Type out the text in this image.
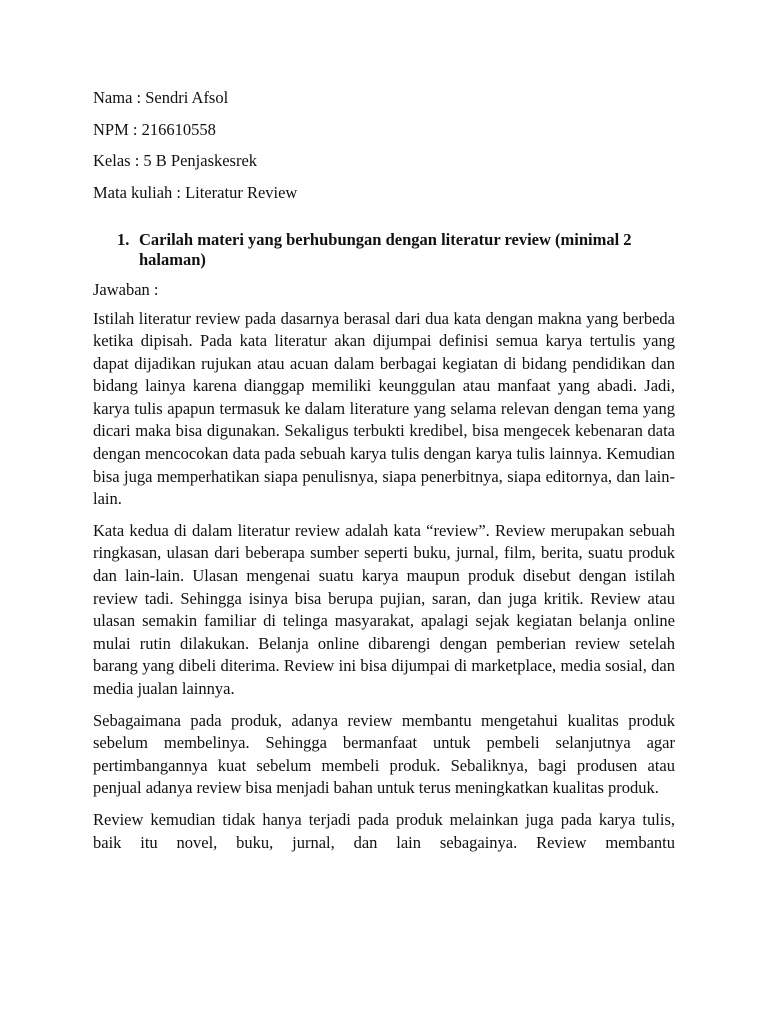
Nama : Sendri Afsol
NPM : 216610558
Kelas : 5 B Penjaskesrek
Mata kuliah : Literatur Review
1. Carilah materi yang berhubungan dengan literatur review (minimal 2 halaman)
Jawaban :

Istilah literatur review pada dasarnya berasal dari dua kata dengan makna yang berbeda ketika dipisah. Pada kata literatur akan dijumpai definisi semua karya tertulis yang dapat dijadikan rujukan atau acuan dalam berbagai kegiatan di bidang pendidikan dan bidang lainya karena dianggap memiliki keunggulan atau manfaat yang abadi. Jadi, karya tulis apapun termasuk ke dalam literature yang selama relevan dengan tema yang dicari maka bisa digunakan. Sekaligus terbukti kredibel, bisa mengecek kebenaran data dengan mencocokan data pada sebuah karya tulis dengan karya tulis lainnya. Kemudian bisa juga memperhatikan siapa penulisnya, siapa penerbitnya, siapa editornya, dan lain-lain.

Kata kedua di dalam literatur review adalah kata “review”. Review merupakan sebuah ringkasan, ulasan dari beberapa sumber seperti buku, jurnal, film, berita, suatu produk dan lain-lain. Ulasan mengenai suatu karya maupun produk disebut dengan istilah review tadi. Sehingga isinya bisa berupa pujian, saran, dan juga kritik. Review atau ulasan semakin familiar di telinga masyarakat, apalagi sejak kegiatan belanja online mulai rutin dilakukan. Belanja online dibarengi dengan pemberian review setelah barang yang dibeli diterima. Review ini bisa dijumpai di marketplace, media sosial, dan media jualan lainnya.

Sebagaimana pada produk, adanya review membantu mengetahui kualitas produk sebelum membelinya. Sehingga bermanfaat untuk pembeli selanjutnya agar pertimbangannya kuat sebelum membeli produk. Sebaliknya, bagi produsen atau penjual adanya review bisa menjadi bahan untuk terus meningkatkan kualitas produk.

Review kemudian tidak hanya terjadi pada produk melainkan juga pada karya tulis, baik itu novel, buku, jurnal, dan lain sebagainya. Review membantu
